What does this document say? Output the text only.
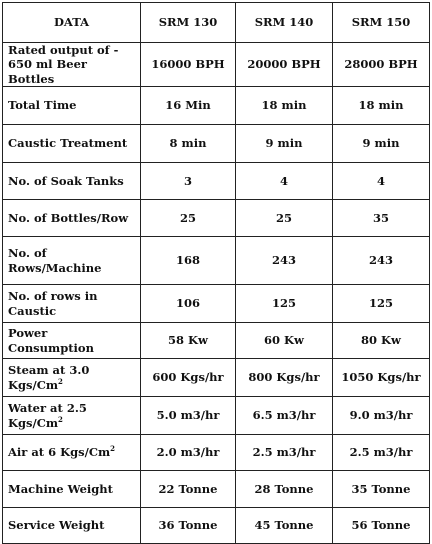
DATA	SRM 130	SRM 140	SRM 150
Rated output of -
650 ml Beer Bottles	16000 BPH	20000 BPH	28000 BPH
Total Time	16 Min	18 min	18 min
Caustic Treatment	8 min	9 min	9 min
No. of Soak Tanks	3	4	4
No. of Bottles/Row	25	25	35
No. of
Rows/Machine	168	243	243
No. of rows in
Caustic	106	125	125
Power Consumption	58 Kw	60 Kw	80 Kw
Steam at 3.0
Kgs/Cm$^2$	600 Kgs/hr	800 Kgs/hr	1050 Kgs/hr
Water at 2.5
Kgs/Cm$^2$	5.0 m3/hr	6.5 m3/hr	9.0 m3/hr
Air at 6 Kgs/Cm$^2$	2.0 m3/hr	2.5 m3/hr	2.5 m3/hr
Machine Weight	22 Tonne	28 Tonne	35 Tonne
Service Weight	36 Tonne	45 Tonne	56 Tonne
